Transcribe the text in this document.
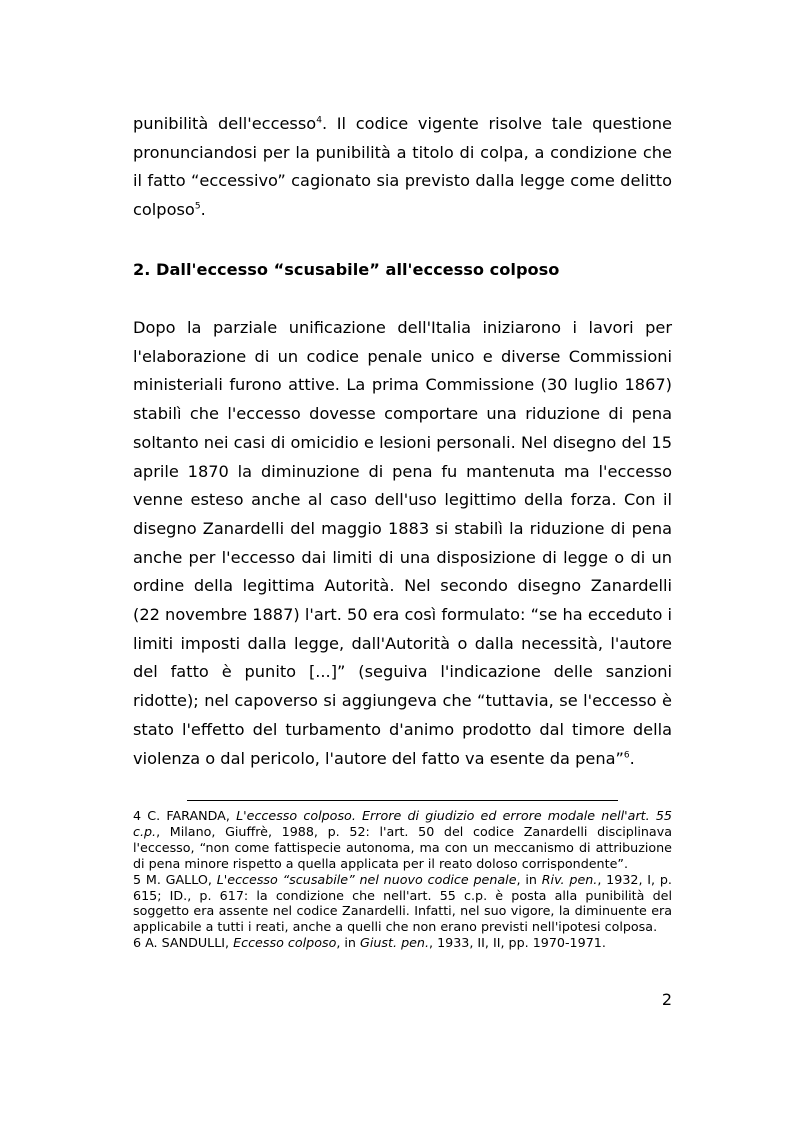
punibilità dell'eccesso$^4$. Il codice vigente risolve tale questione pronunciandosi per la punibilità a titolo di colpa, a condizione che il fatto “eccessivo” cagionato sia previsto dalla legge come delitto colposo$^5$.

2. Dall'eccesso “scusabile” all'eccesso colposo

Dopo la parziale unificazione dell'Italia iniziarono i lavori per l'elaborazione di un codice penale unico e diverse Commissioni ministeriali furono attive. La prima Commissione (30 luglio 1867) stabilì che l'eccesso dovesse comportare una riduzione di pena soltanto nei casi di omicidio e lesioni personali. Nel disegno del 15 aprile 1870 la diminuzione di pena fu mantenuta ma l'eccesso venne esteso anche al caso dell'uso legittimo della forza. Con il disegno Zanardelli del maggio 1883 si stabilì la riduzione di pena anche per l'eccesso dai limiti di una disposizione di legge o di un ordine della legittima Autorità. Nel secondo disegno Zanardelli (22 novembre 1887) l'art. 50 era così formulato: “se ha ecceduto i limiti imposti dalla legge, dall'Autorità o dalla necessità, l'autore del fatto è punito [...]” (seguiva l'indicazione delle sanzioni ridotte); nel capoverso si aggiungeva che “tuttavia, se l'eccesso è stato l'effetto del turbamento d'animo prodotto dal timore della violenza o dal pericolo, l'autore del fatto va esente da pena”$^6$.

4 C. FARANDA, L'eccesso colposo. Errore di giudizio ed errore modale nell'art. 55 c.p., Milano, Giuffrè, 1988, p. 52: l'art. 50 del codice Zanardelli disciplinava l'eccesso, “non come fattispecie autonoma, ma con un meccanismo di attribuzione di pena minore rispetto a quella applicata per il reato doloso corrispondente”.

5 M. GALLO, L'eccesso “scusabile” nel nuovo codice penale, in Riv. pen., 1932, I, p. 615; ID., p. 617: la condizione che nell'art. 55 c.p. è posta alla punibilità del soggetto era assente nel codice Zanardelli. Infatti, nel suo vigore, la diminuente era applicabile a tutti i reati, anche a quelli che non erano previsti nell'ipotesi colposa.

6 A. SANDULLI, Eccesso colposo, in Giust. pen., 1933, II, II, pp. 1970-1971.

2
